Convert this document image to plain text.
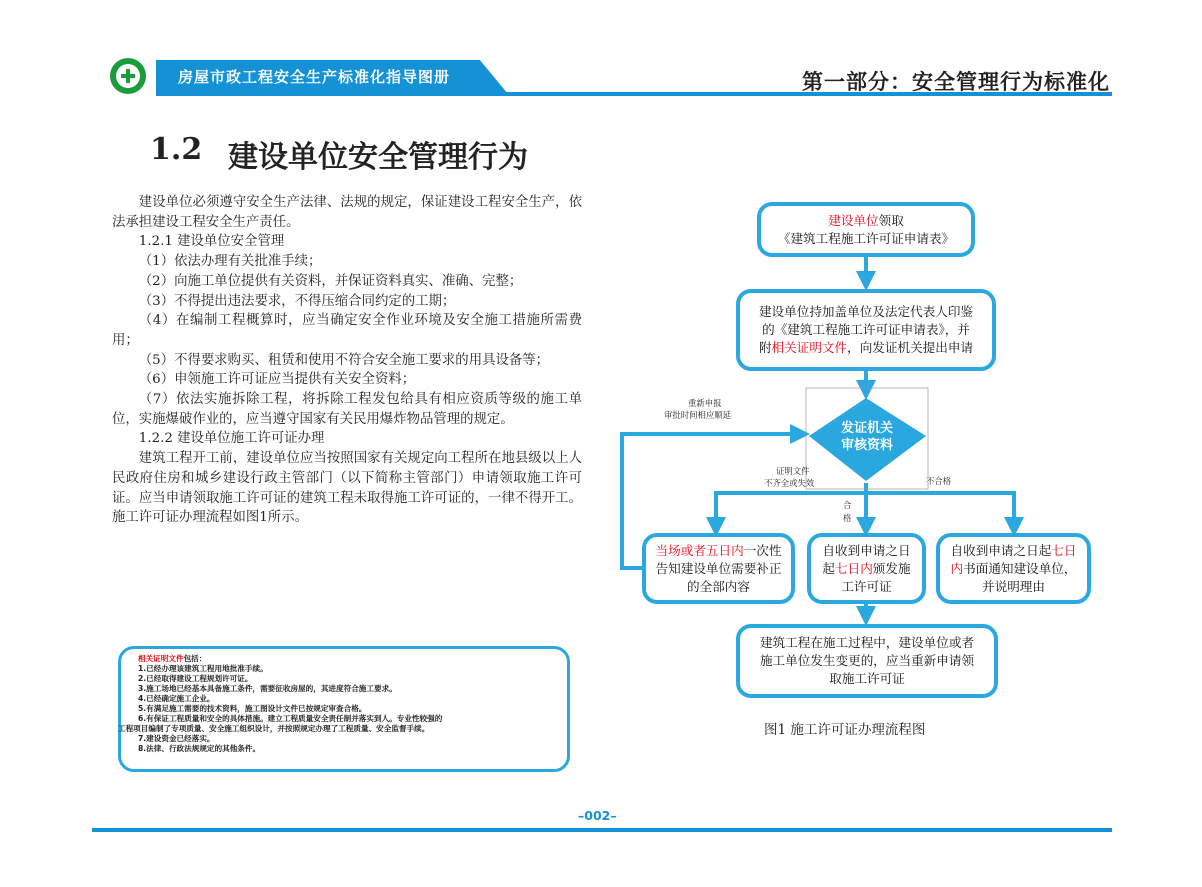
房屋市政工程安全生产标准化指导图册	第一部分：安全管理行为标准化
1.2 建设单位安全管理行为

建设单位必须遵守安全生产法律、法规的规定，保证建设工程安全生产，依法承担建设工程安全生产责任。

1.2.1 建设单位安全管理

（1）依法办理有关批准手续；

（2）向施工单位提供有关资料，并保证资料真实、准确、完整；

（3）不得提出违法要求，不得压缩合同约定的工期；

（4）在编制工程概算时，应当确定安全作业环境及安全施工措施所需费用；

（5）不得要求购买、租赁和使用不符合安全施工要求的用具设备等；

（6）申领施工许可证应当提供有关安全资料；

（7）依法实施拆除工程，将拆除工程发包给具有相应资质等级的施工单位，实施爆破作业的，应当遵守国家有关民用爆炸物品管理的规定。

1.2.2 建设单位施工许可证办理

建筑工程开工前，建设单位应当按照国家有关规定向工程所在地县级以上人民政府住房和城乡建设行政主管部门（以下简称主管部门）申请领取施工许可证。应当申请领取施工许可证的建筑工程未取得施工许可证的，一律不得开工。施工许可证办理流程如图1所示。

相关证明文件包括：
1.已经办理该建筑工程用地批准手续。
2.已经取得建设工程规划许可证。
3.施工场地已经基本具备施工条件，需要征收房屋的，其进度符合施工要求。
4.已经确定施工企业。
5.有满足施工需要的技术资料，施工图设计文件已按规定审查合格。
6.有保证工程质量和安全的具体措施。建立工程质量安全责任制并落实到人。专业性较强的
工程项目编制了专项质量、安全施工组织设计，并按照规定办理了工程质量、安全监督手续。
7.建设资金已经落实。
8.法律、行政法规规定的其他条件。
建设单位领取
《建筑工程施工许可证申请表》
建设单位持加盖单位及法定代表人印鉴
的《建筑工程施工许可证申请表》，并
附相关证明文件，向发证机关提出申请
发证机关
审核资料
当场或者五日内一次性
告知建设单位需要补正
的全部内容
自收到申请之日
起七日内颁发施
工许可证
自收到申请之日起七日
内书面通知建设单位，
并说明理由
建筑工程在施工过程中，建设单位或者
施工单位发生变更的，应当重新申请领
取施工许可证
重新申报
审批时间相应顺延
证明文件
不齐全或失效	不合格
合
格
图1 施工许可证办理流程图
–002–
